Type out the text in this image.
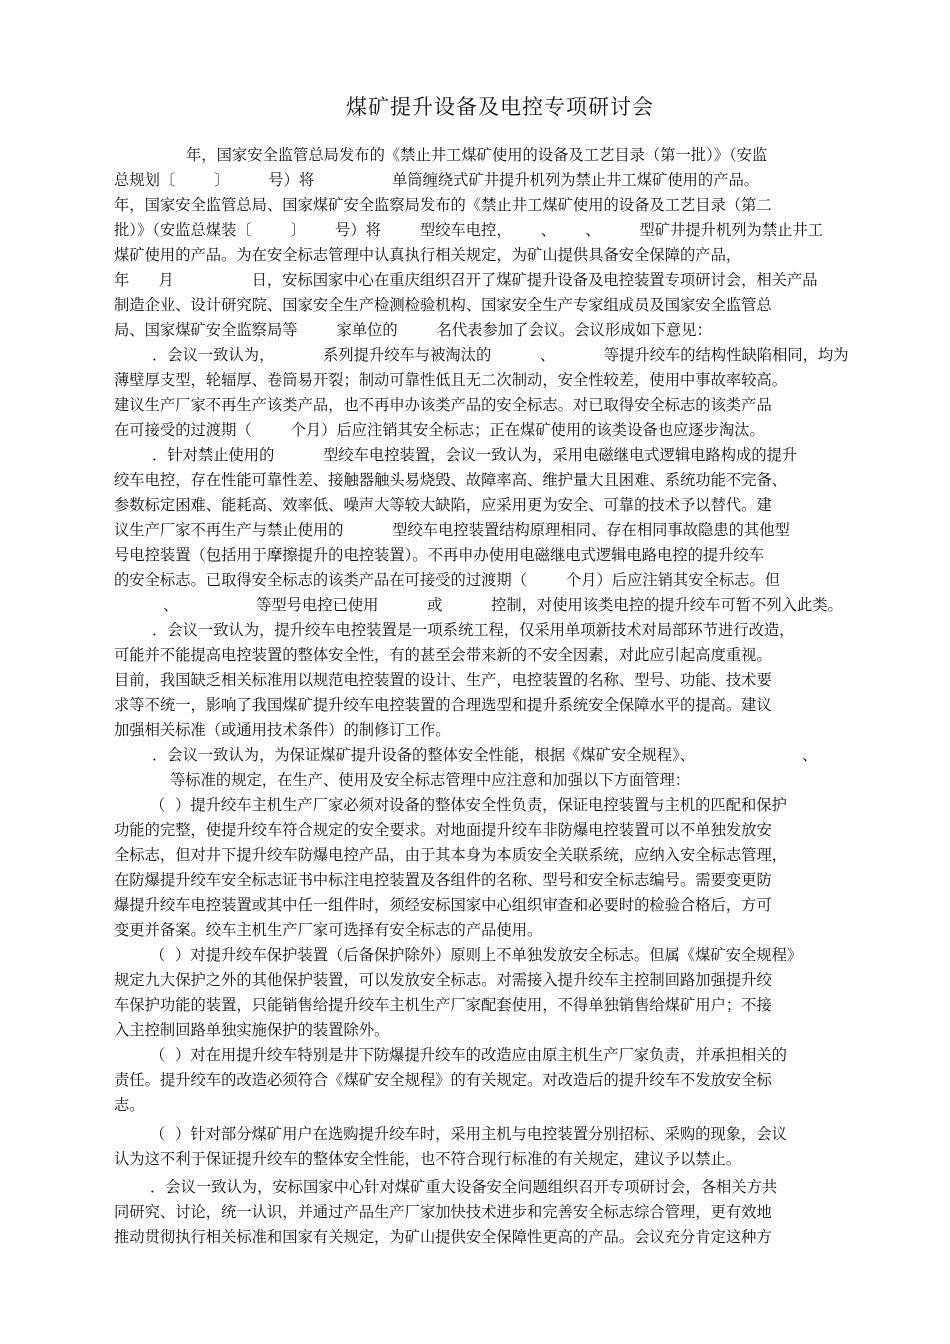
煤矿提升设备及电控专项研讨会
年，国家安全监管总局发布的《禁止井工煤矿使用的设备及工艺目录（第一批）》（安监
总规划〔        〕        号）将                单筒缠绕式矿井提升机列为禁止井工煤矿使用的产品。
年，国家安全监管总局、国家煤矿安全监察局发布的《禁止井工煤矿使用的设备及工艺目录（第二
批）》（安监总煤装〔        〕      号）将        型绞车电控，      、      、        型矿井提升机列为禁止井工
煤矿使用的产品。为在安全标志管理中认真执行相关规定，为矿山提供具备安全保障的产品，
年      月                日，安标国家中心在重庆组织召开了煤矿提升设备及电控装置专项研讨会，相关产品
制造企业、设计研究院、国家安全生产检测检验机构、国家安全生产专家组成员及国家安全监管总
局、国家煤矿安全监察局等        家单位的        名代表参加了会议。会议形成如下意见：
．会议一致认为，          系列提升绞车与被淘汰的          、          等提升绞车的结构性缺陷相同，均为
薄壁厚支型，轮辐厚、卷筒易开裂；制动可靠性低且无二次制动，安全性较差，使用中事故率较高。
建议生产厂家不再生产该类产品，也不再申办该类产品的安全标志。对已取得安全标志的该类产品
在可接受的过渡期（        个月）后应注销其安全标志；正在煤矿使用的该类设备也应逐步淘汰。
．针对禁止使用的          型绞车电控装置，会议一致认为，采用电磁继电式逻辑电路构成的提升
绞车电控，存在性能可靠性差、接触器触头易烧毁、故障率高、维护量大且困难、系统功能不完备、
参数标定困难、能耗高、效率低、噪声大等较大缺陷，应采用更为安全、可靠的技术予以替代。建
议生产厂家不再生产与禁止使用的          型绞车电控装置结构原理相同、存在相同事故隐患的其他型
号电控装置（包括用于摩擦提升的电控装置）。不再申办使用电磁继电式逻辑电路电控的提升绞车
的安全标志。已取得安全标志的该类产品在可接受的过渡期（        个月）后应注销其安全标志。但
、                等型号电控已使用          或          控制，对使用该类电控的提升绞车可暂不列入此类。
．会议一致认为，提升绞车电控装置是一项系统工程，仅采用单项新技术对局部环节进行改造，
可能并不能提高电控装置的整体安全性，有的甚至会带来新的不安全因素，对此应引起高度重视。
目前，我国缺乏相关标准用以规范电控装置的设计、生产，电控装置的名称、型号、功能、技术要
求等不统一，影响了我国煤矿提升绞车电控装置的合理选型和提升系统安全保障水平的提高。建议
加强相关标准（或通用技术条件）的制修订工作。
．会议一致认为，为保证煤矿提升设备的整体安全性能，根据《煤矿安全规程》、                      、
等标准的规定，在生产、使用及安全标志管理中应注意和加强以下方面管理：
（  ）提升绞车主机生产厂家必须对设备的整体安全性负责，保证电控装置与主机的匹配和保护
功能的完整，使提升绞车符合规定的安全要求。对地面提升绞车非防爆电控装置可以不单独发放安
全标志，但对井下提升绞车防爆电控产品，由于其本身为本质安全关联系统，应纳入安全标志管理，
在防爆提升绞车安全标志证书中标注电控装置及各组件的名称、型号和安全标志编号。需要变更防
爆提升绞车电控装置或其中任一组件时，须经安标国家中心组织审查和必要时的检验合格后，方可
变更并备案。绞车主机生产厂家可选择有安全标志的产品使用。
（  ）对提升绞车保护装置（后备保护除外）原则上不单独发放安全标志。但属《煤矿安全规程》
规定九大保护之外的其他保护装置，可以发放安全标志。对需接入提升绞车主控制回路加强提升绞
车保护功能的装置，只能销售给提升绞车主机生产厂家配套使用，不得单独销售给煤矿用户；不接
入主控制回路单独实施保护的装置除外。
（  ）对在用提升绞车特别是井下防爆提升绞车的改造应由原主机生产厂家负责，并承担相关的
责任。提升绞车的改造必须符合《煤矿安全规程》的有关规定。对改造后的提升绞车不发放安全标
志。
（  ）针对部分煤矿用户在选购提升绞车时，采用主机与电控装置分别招标、采购的现象，会议
认为这不利于保证提升绞车的整体安全性能，也不符合现行标准的有关规定，建议予以禁止。
．会议一致认为，安标国家中心针对煤矿重大设备安全问题组织召开专项研讨会，各相关方共
同研究、讨论，统一认识，并通过产品生产厂家加快技术进步和完善安全标志综合管理，更有效地
推动贯彻执行相关标准和国家有关规定，为矿山提供安全保障性更高的产品。会议充分肯定这种方
